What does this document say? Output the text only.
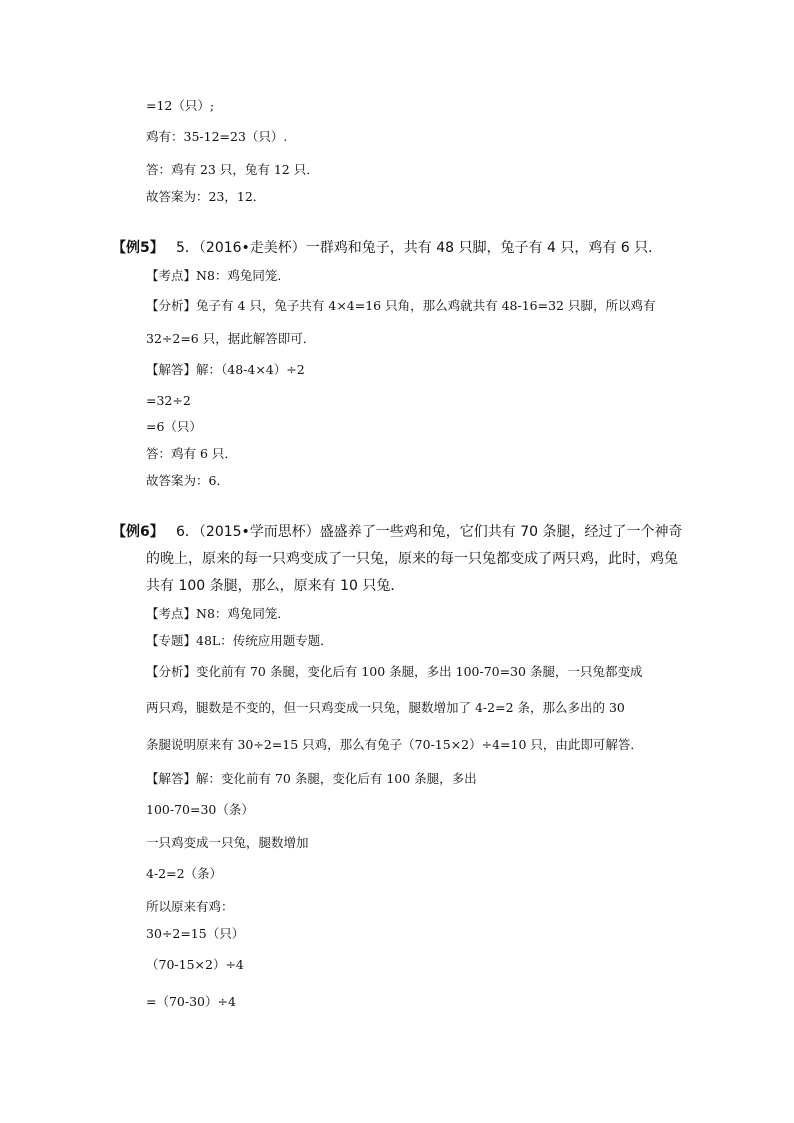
=12（只）;
鸡有：35-12=23（只）.
答：鸡有 23 只，兔有 12 只．
故答案为：23，12．
【例5】 5．（2016•走美杯）一群鸡和兔子，共有 48 只脚，兔子有 4 只，鸡有 6 只．
【考点】N8：鸡兔同笼．
【分析】兔子有 4 只，兔子共有 4×4=16 只角，那么鸡就共有 48-16=32 只脚，所以鸡有
32÷2=6 只，据此解答即可．
【解答】解：（48-4×4）÷2
=32÷2
=6（只）
答：鸡有 6 只．
故答案为：6．
【例6】 6．（2015•学而思杯）盛盛养了一些鸡和兔，它们共有 70 条腿，经过了一个神奇
的晚上，原来的每一只鸡变成了一只兔，原来的每一只兔都变成了两只鸡，此时，鸡兔
共有 100 条腿，那么，原来有 10 只兔．
【考点】N8：鸡兔同笼．
【专题】48L：传统应用题专题．
【分析】变化前有 70 条腿，变化后有 100 条腿，多出 100-70=30 条腿，一只兔都变成
两只鸡，腿数是不变的，但一只鸡变成一只兔，腿数增加了 4-2=2 条，那么多出的 30
条腿说明原来有 30÷2=15 只鸡，那么有兔子（70-15×2）÷4=10 只，由此即可解答．
【解答】解：变化前有 70 条腿，变化后有 100 条腿，多出
100-70=30（条）
一只鸡变成一只兔，腿数增加
4-2=2（条）
所以原来有鸡：
30÷2=15（只）
（70-15×2）÷4
=（70-30）÷4
